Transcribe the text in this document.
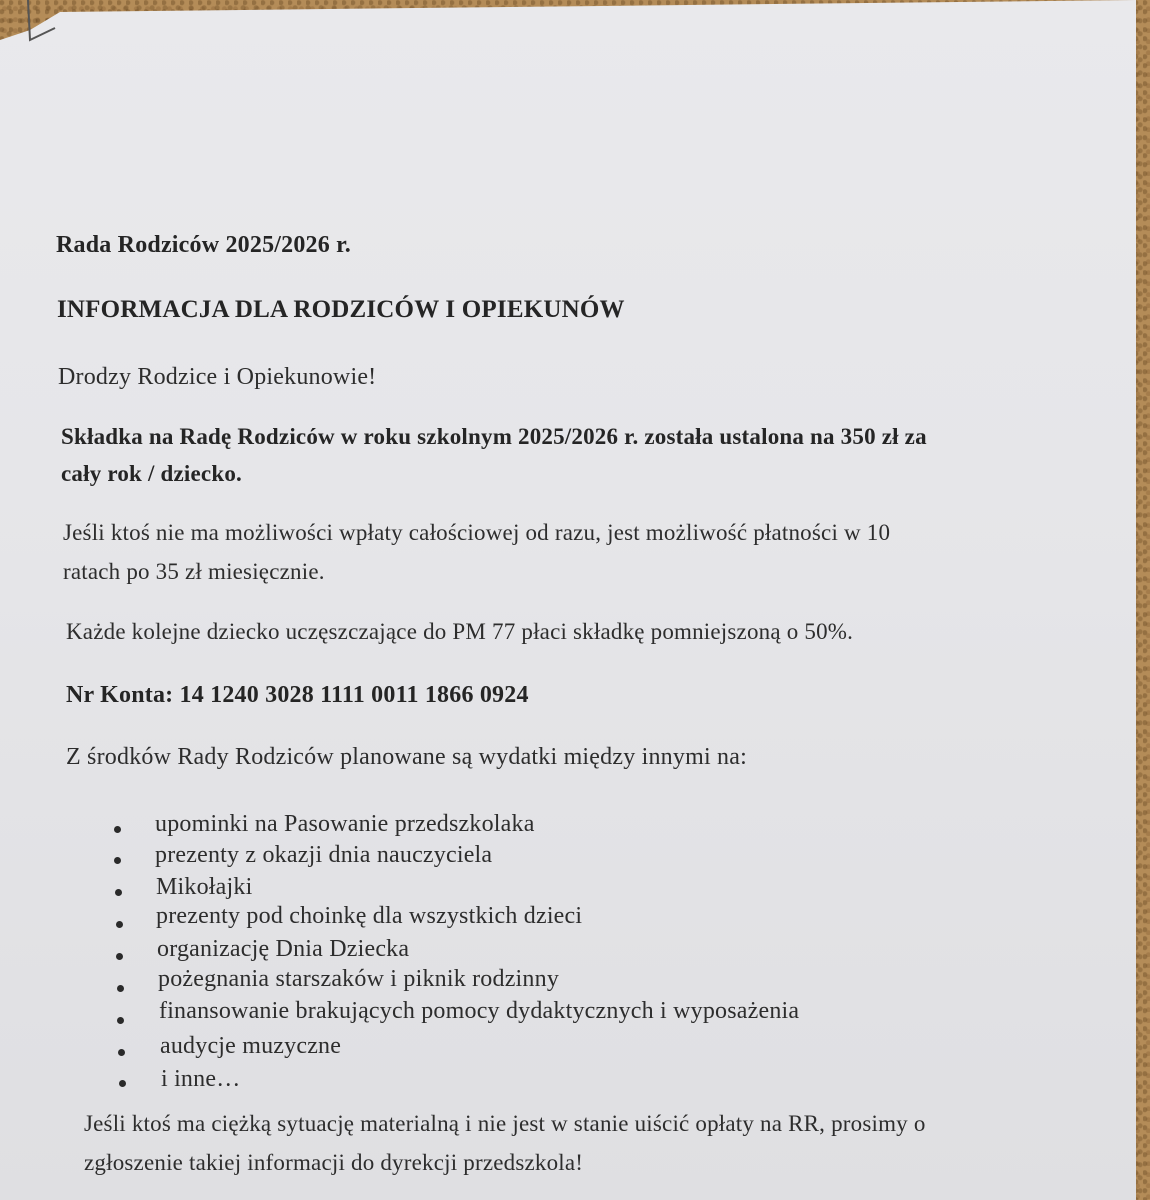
Rada Rodziców 2025/2026 r.
INFORMACJA DLA RODZICÓW I OPIEKUNÓW
Drodzy Rodzice i Opiekunowie!
Składka na Radę Rodziców w roku szkolnym 2025/2026 r. została ustalona na 350 zł za
cały rok / dziecko.
Jeśli ktoś nie ma możliwości wpłaty całościowej od razu, jest możliwość płatności w 10
ratach po 35 zł miesięcznie.
Każde kolejne dziecko uczęszczające do PM 77 płaci składkę pomniejszoną o 50%.
Nr Konta: 14 1240 3028 1111 0011 1866 0924
Z środków Rady Rodziców planowane są wydatki między innymi na:
upominki na Pasowanie przedszkolaka
prezenty z okazji dnia nauczyciela
Mikołajki
prezenty pod choinkę dla wszystkich dzieci
organizację Dnia Dziecka
pożegnania starszaków i piknik rodzinny
finansowanie brakujących pomocy dydaktycznych i wyposażenia
audycje muzyczne
i inne…
Jeśli ktoś ma ciężką sytuację materialną i nie jest w stanie uiścić opłaty na RR, prosimy o
zgłoszenie takiej informacji do dyrekcji przedszkola!
